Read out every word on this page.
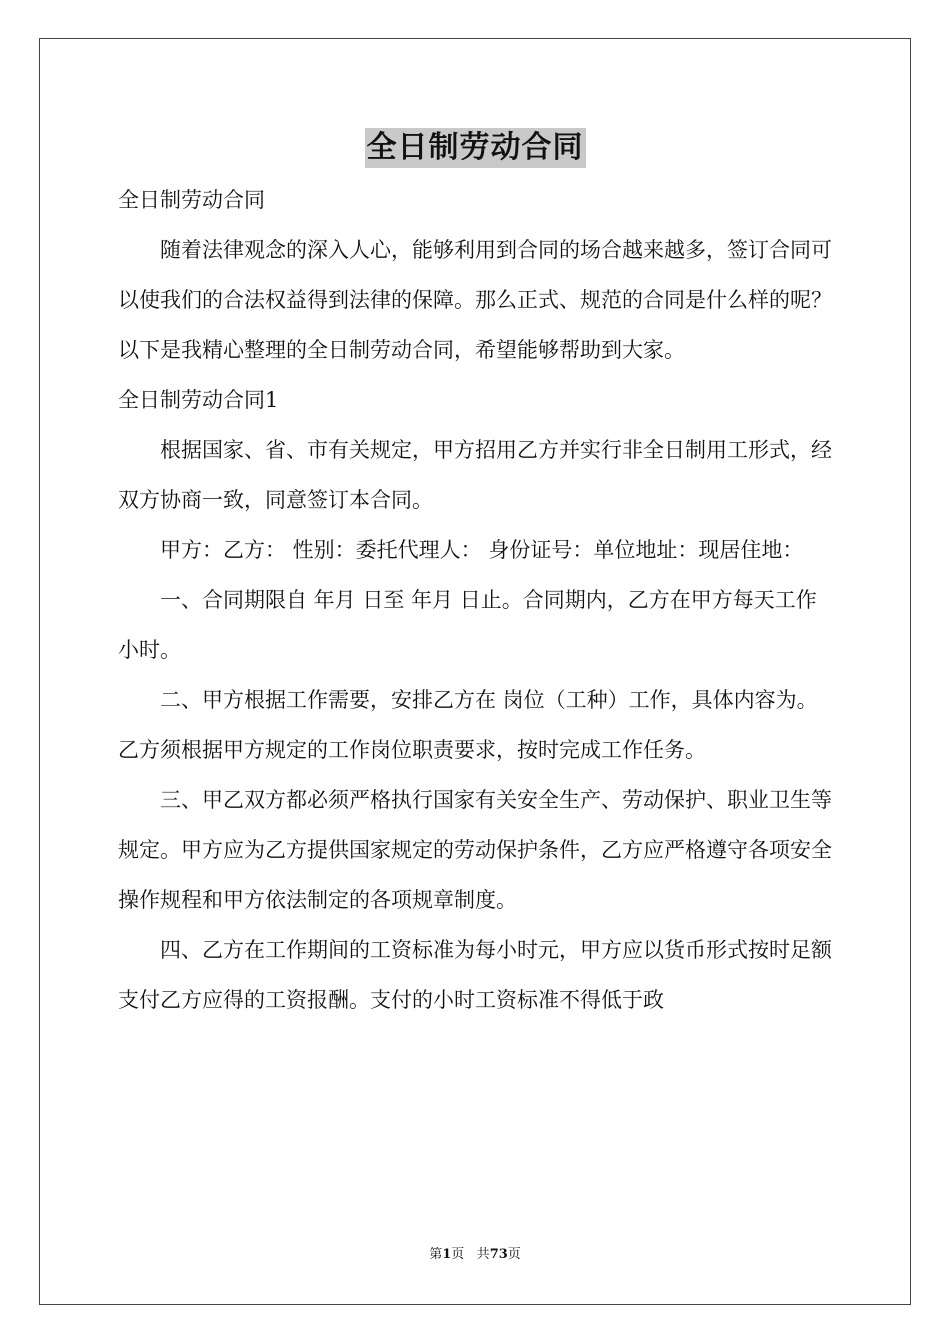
全日制劳动合同

全日制劳动合同

随着法律观念的深入人心，能够利用到合同的场合越来越多，签订合同可以使我们的合法权益得到法律的保障。那么正式、规范的合同是什么样的呢？以下是我精心整理的全日制劳动合同，希望能够帮助到大家。

全日制劳动合同1

根据国家、省、市有关规定，甲方招用乙方并实行非全日制用工形式，经双方协商一致，同意签订本合同。

甲方：乙方： 性别：委托代理人： 身份证号：单位地址：现居住地：

一、合同期限自 年月 日至 年月 日止。合同期内，乙方在甲方每天工作 小时。

二、甲方根据工作需要，安排乙方在 岗位（工种）工作，具体内容为。乙方须根据甲方规定的工作岗位职责要求，按时完成工作任务。

三、甲乙双方都必须严格执行国家有关安全生产、劳动保护、职业卫生等规定。甲方应为乙方提供国家规定的劳动保护条件，乙方应严格遵守各项安全操作规程和甲方依法制定的各项规章制度。

四、乙方在工作期间的工资标准为每小时元，甲方应以货币形式按时足额支付乙方应得的工资报酬。支付的小时工资标准不得低于政

第1页 共73页
